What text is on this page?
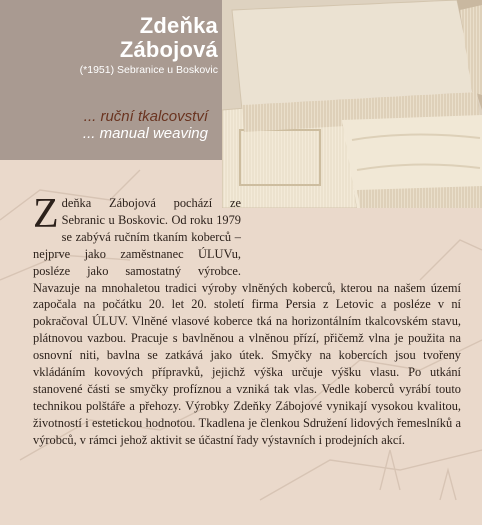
Zdeňka
Zábojová
(*1951) Sebranice u Boskovic
... ruční tkalcovství
... manual weaving
Zdeňka Zábojová pochází ze Sebranic u Boskovic. Od roku 1979 se zabývá ručním tkaním koberců – nejprve jako zaměstnanec ÚLUVu, posléze jako samostatný výrobce. Navazuje na mnohaletou tradici výroby vlněných koberců, kterou na našem území započala na počátku 20. let 20. století firma Persia z Letovic a posléze v ní pokračoval ÚLUV. Vlněné vlasové koberce tká na horizontálním tkalcovském stavu, plátnovou vazbou. Pracuje s bavlněnou a vlněnou přízí, přičemž vlna je použita na osnovní niti, bavlna se zatkává jako útek. Smyčky na kobercích jsou tvořeny vkládáním kovových přípravků, jejichž výška určuje výšku vlasu. Po utkání stanovené části se smyčky profíznou a vzniká tak vlas. Vedle koberců vyrábí touto technikou polštáře a přehozy. Výrobky Zdeňky Zábojové vynikají vysokou kvalitou, životností i estetickou hodnotou. Tkadlena je členkou Sdružení lidových řemeslníků a výrobců, v rámci jehož aktivit se účastní řady výstavních i prodejních akcí.
